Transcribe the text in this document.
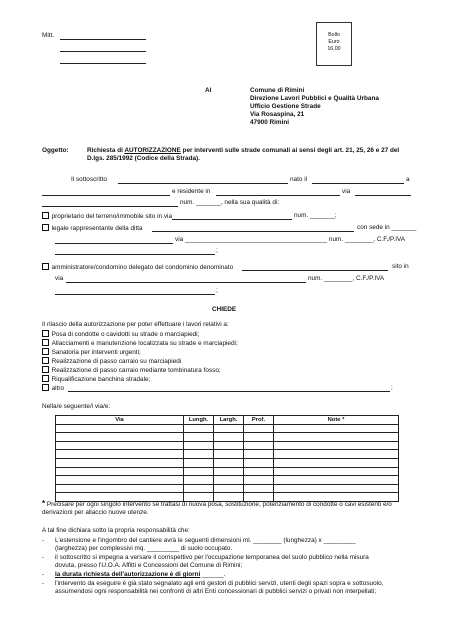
Mitt.	Bollo
Euro
16,00
Al	Comune di Rimini
Direzione Lavori Pubblici e Qualità Urbana
Ufficio Gestione Strade
Via Rosaspina, 21
47900 Rimini
Oggetto:	Richiesta di AUTORIZZAZIONE per interventi sulle strade comunali ai sensi degli art. 21, 25, 26 e 27 del
D.lgs. 285/1992 (Codice della Strada).
Il sottoscritto	nato il	a
e residente in	via
num. _______, nella sua qualità di:
proprietario del terreno/immobile sito in via	num. _______;
legale rappresentante della ditta	con sede in _______
via ________________________________________ num. ________, C.F./P.IVA
;
amministratore/condomino delegato del condominio denominato	sito in
via	num. ________, C.F./P.IVA
;
CHIEDE
Il rilascio della autorizzazione per poter effettuare i lavori relativi a:
Posa di condotte o cavidotti su strade o marciapiedi;
Allacciamenti e manutenzione localizzata su strade e marciapiedi;
Sanatoria per interventi urgenti;
Realizzazione di passo carraio su marciapiedi
Realizzazione di passo carraio mediante tombinatura fosso;
Riqualificazione banchina stradale;
altro	;
Nella/e seguente/i via/e:
Via	Lungh.	Largh.	Prof.	Note *

* Precisare per ogni singolo intervento se trattasi di nuova posa, sostituzione, potenziamento di condotte o cavi esistenti e/o
derivazioni per allaccio nuove utenze.
A tal fine dichiara sotto la propria responsabilità che:
- L'estensione e l'ingombro del cantiere avrà le seguenti dimensioni ml. ________ (lunghezza) x _________
(larghezza) per complessivi mq. _________ di suolo occupato.
- il sottoscritto si impegna a versare il corrispettivo per l'occupazione temporanea del suolo pubblico nella misura
dovuta, presso l'U.O.A. Affitti e Concessioni del Comune di Rimini;
- la durata richiesta dell'autorizzazione è di giorni ______.
- l'intervento da eseguire è già stato segnalato agli enti gestori di pubblici servizi, utenti degli spazi sopra e sottosuolo,
assumendosi ogni responsabilità nei confronti di altri Enti concessionari di pubblici servizi o privati non interpellati;
